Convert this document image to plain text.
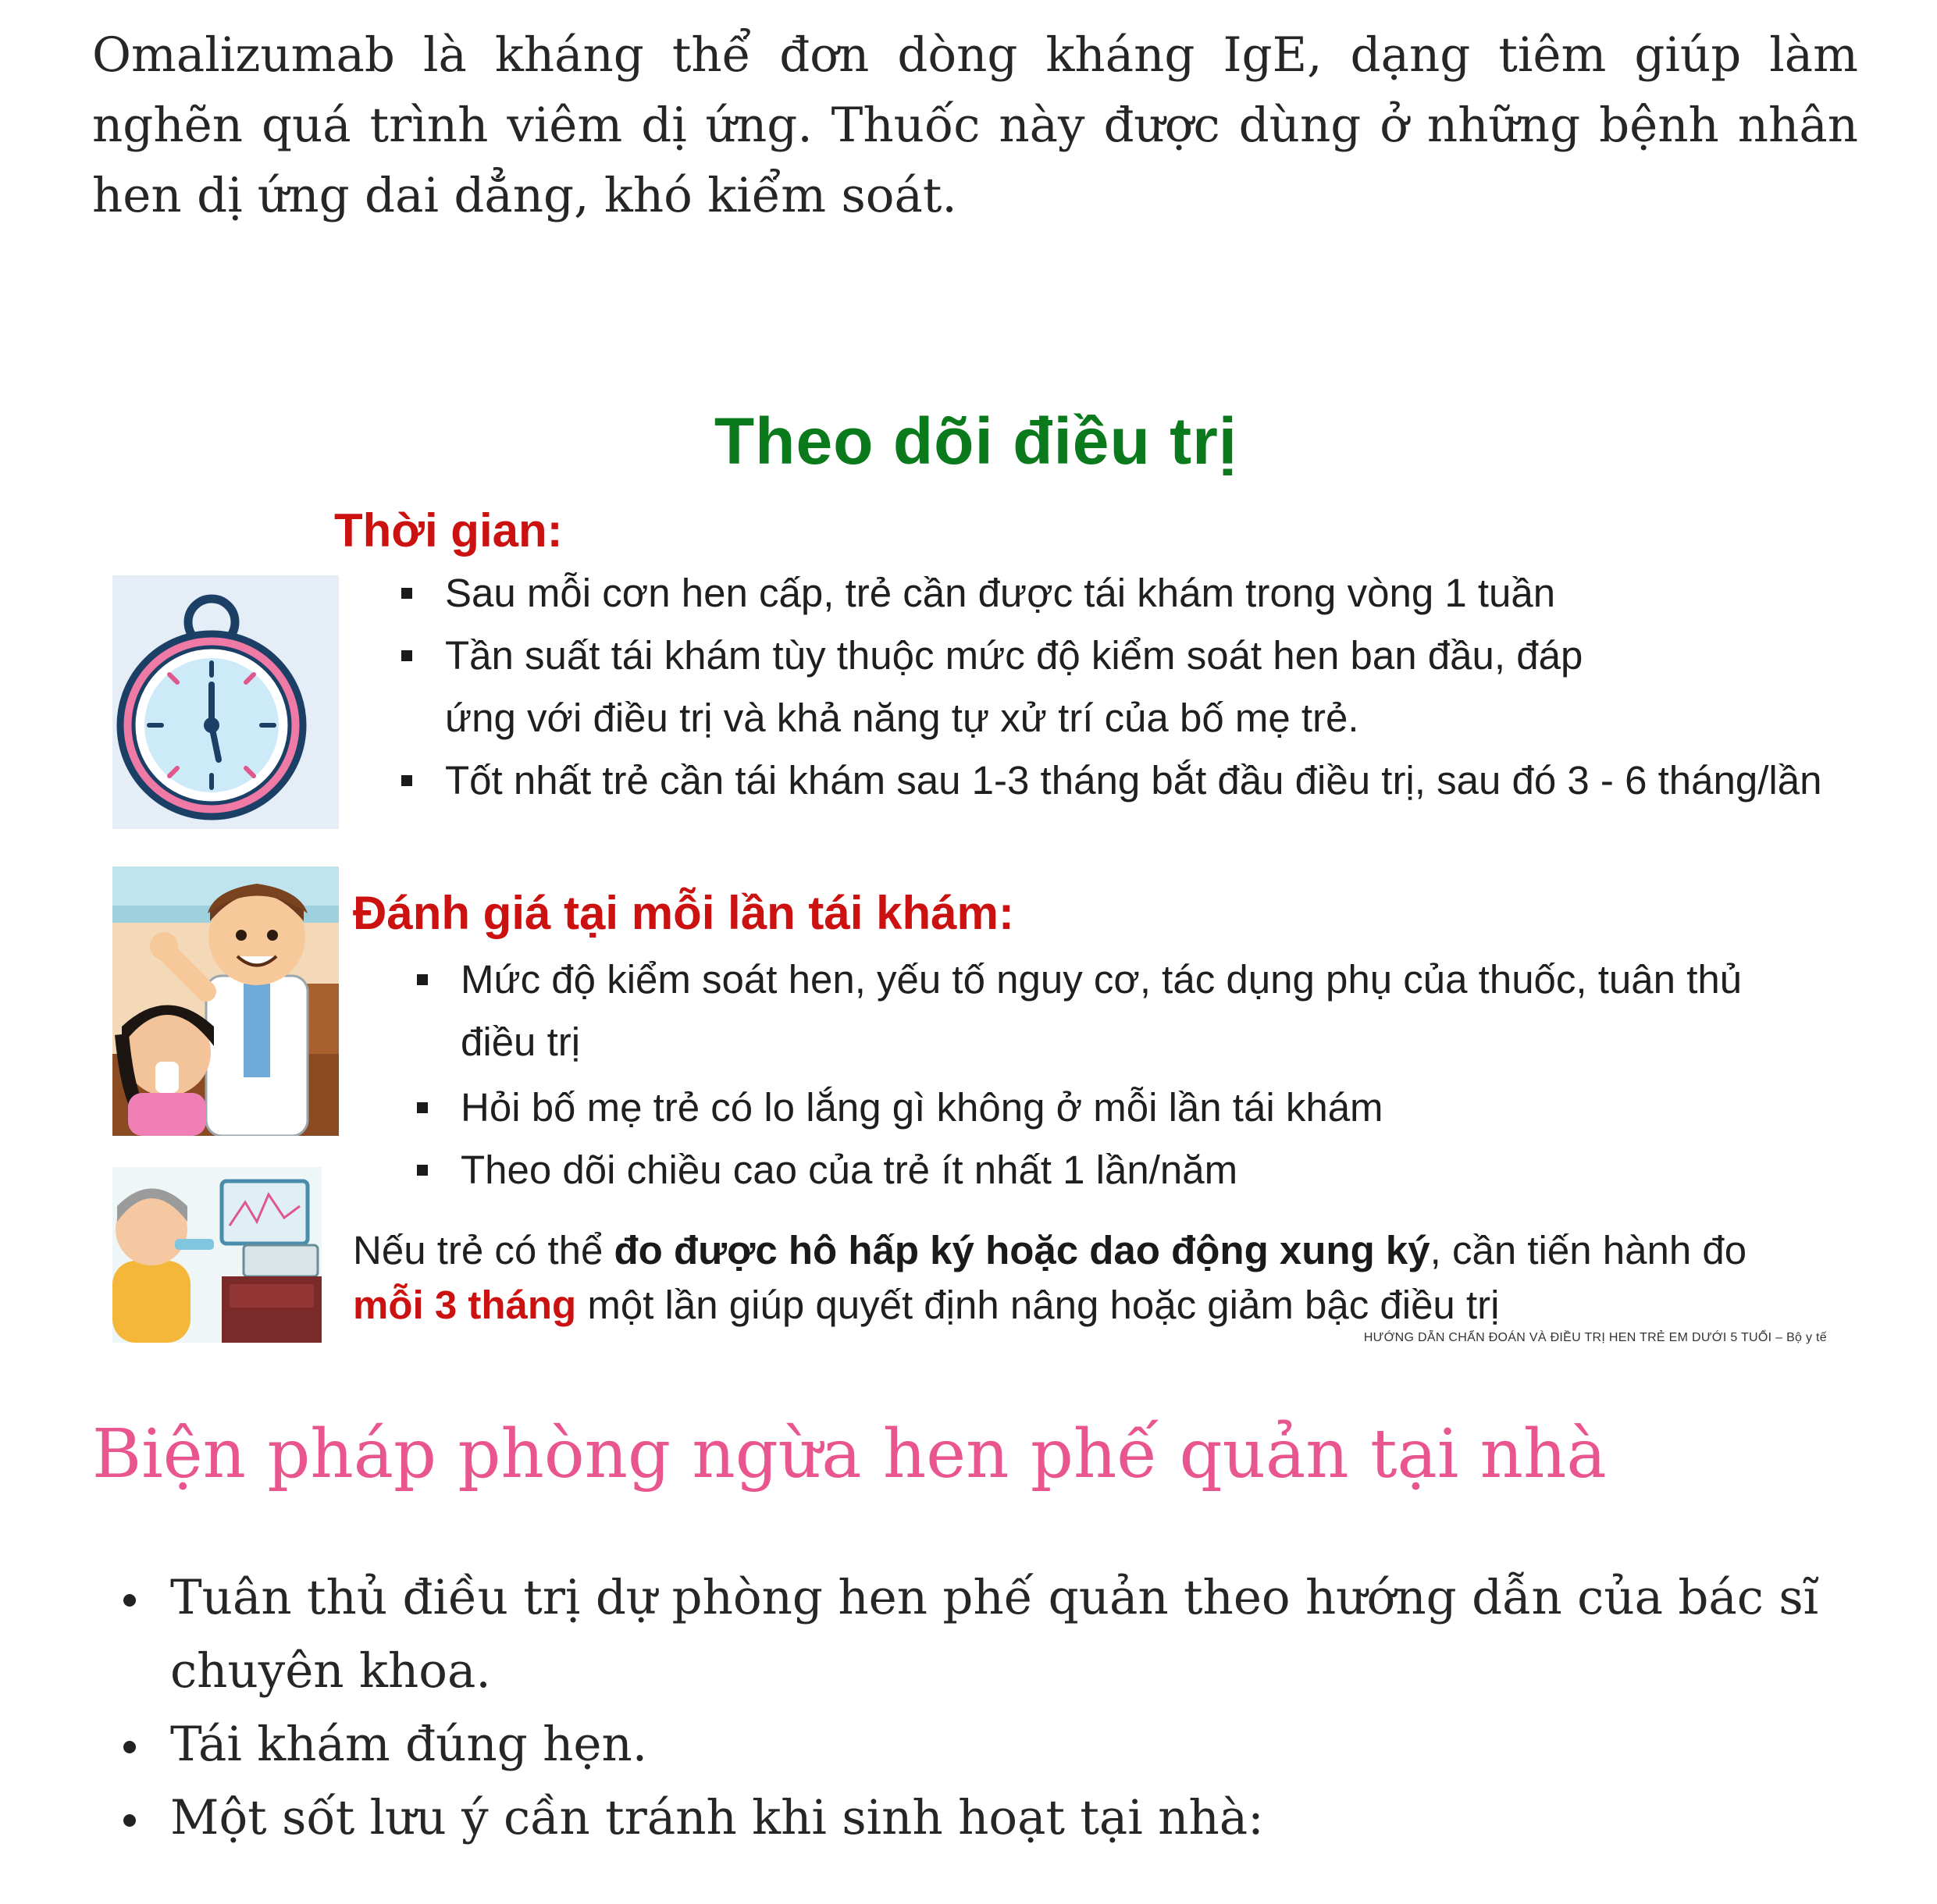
Omalizumab là kháng thể đơn dòng kháng IgE, dạng tiêm giúp làm nghẽn quá trình viêm dị ứng. Thuốc này được dùng ở những bệnh nhân hen dị ứng dai dẳng, khó kiểm soát.

Theo dõi điều trị
Thời gian:
Sau mỗi cơn hen cấp, trẻ cần được tái khám trong vòng 1 tuần
Tần suất tái khám tùy thuộc mức độ kiểm soát hen ban đầu, đáp ứng với điều trị và khả năng tự xử trí của bố mẹ trẻ.
Tốt nhất trẻ cần tái khám sau 1-3 tháng bắt đầu điều trị, sau đó 3 - 6 tháng/lần
Đánh giá tại mỗi lần tái khám:
Mức độ kiểm soát hen, yếu tố nguy cơ, tác dụng phụ của thuốc, tuân thủ điều trị
Hỏi bố mẹ trẻ có lo lắng gì không ở mỗi lần tái khám
Theo dõi chiều cao của trẻ ít nhất 1 lần/năm

Nếu trẻ có thể đo được hô hấp ký hoặc dao động xung ký, cần tiến hành đo mỗi 3 tháng một lần giúp quyết định nâng hoặc giảm bậc điều trị

HƯỚNG DẪN CHẨN ĐOÁN VÀ ĐIỀU TRỊ HEN TRẺ EM DƯỚI 5 TUỔI – Bộ y tế

Biện pháp phòng ngừa hen phế quản tại nhà
Tuân thủ điều trị dự phòng hen phế quản theo hướng dẫn của bác sĩ chuyên khoa.
Tái khám đúng hẹn.
Một sốt lưu ý cần tránh khi sinh hoạt tại nhà:
